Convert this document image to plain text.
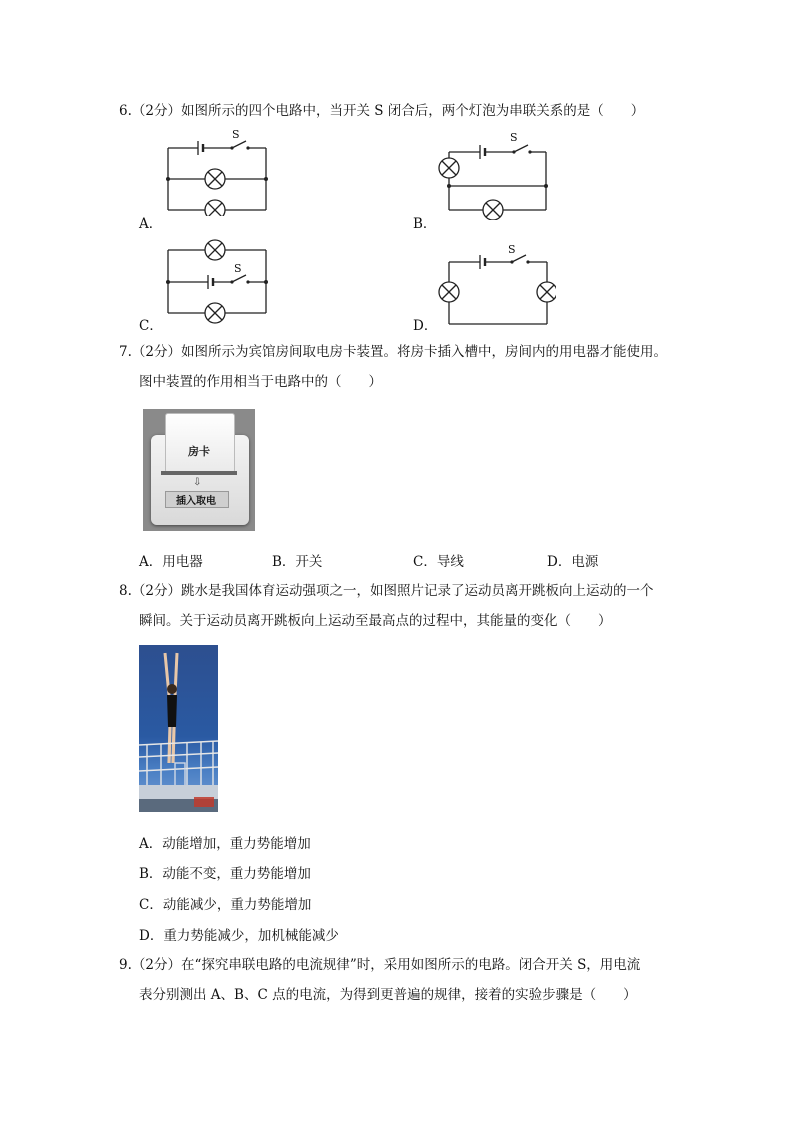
6.（2分）如图所示的四个电路中，当开关 S 闭合后，两个灯泡为串联关系的是（　　）
S
A．
S
B．
S
C．
S
D．
7.（2分）如图所示为宾馆房间取电房卡装置。将房卡插入槽中，房间内的用电器才能使用。
图中装置的作用相当于电路中的（　　）
房卡
⇩
插入取电
A．用电器	B．开关	C．导线	D．电源
8.（2分）跳水是我国体育运动强项之一，如图照片记录了运动员离开跳板向上运动的一个
瞬间。关于运动员离开跳板向上运动至最高点的过程中，其能量的变化（　　）
A．动能增加，重力势能增加
B．动能不变，重力势能增加
C．动能减少，重力势能增加
D．重力势能减少，加机械能减少
9.（2分）在“探究串联电路的电流规律”时，采用如图所示的电路。闭合开关 S，用电流
表分别测出 A、B、C 点的电流，为得到更普遍的规律，接着的实验步骤是（　　）
